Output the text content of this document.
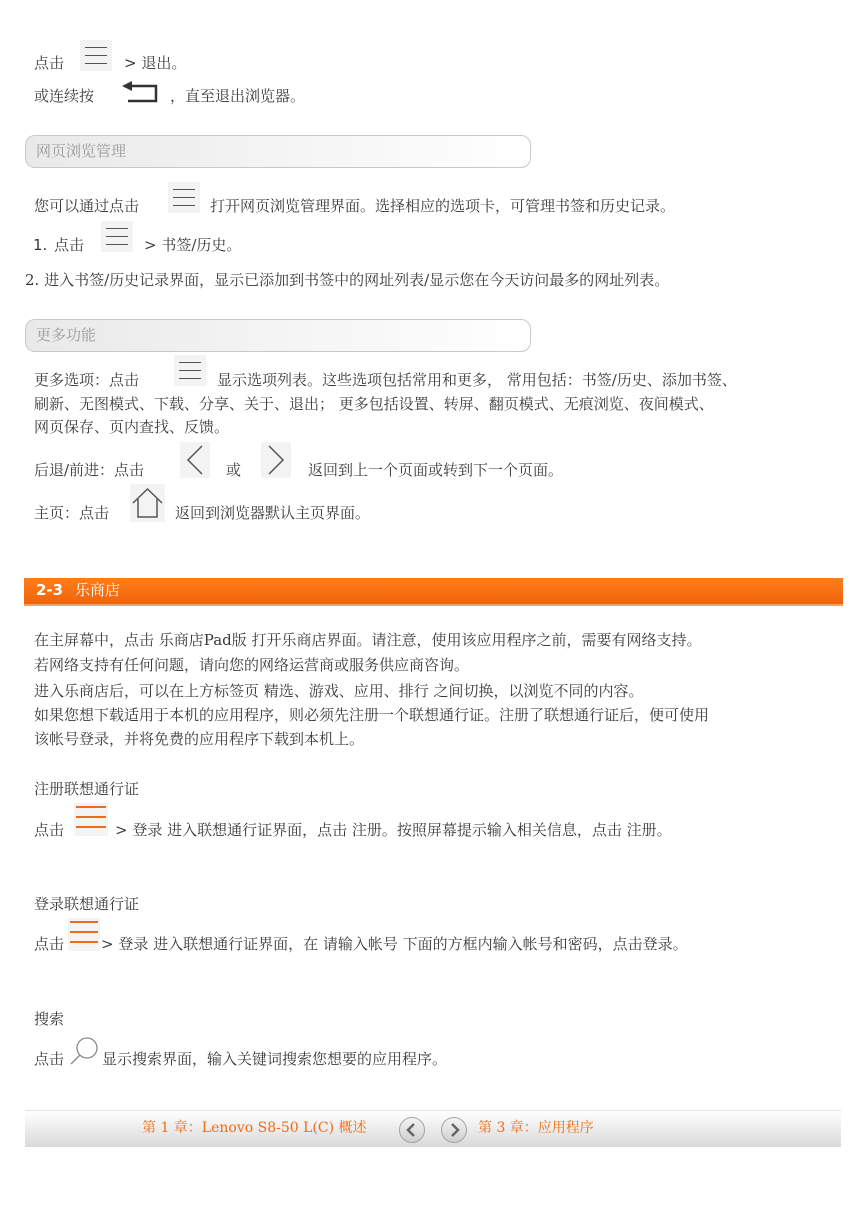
点击	> 退出。
或连续按	，直至退出浏览器。
网页浏览管理
您可以通过点击	打开网页浏览管理界面。选择相应的选项卡，可管理书签和历史记录。
1. 点击	> 书签/历史。
2. 进入书签/历史记录界面，显示已添加到书签中的网址列表/显示您在今天访问最多的网址列表。
更多功能
更多选项：点击	显示选项列表。这些选项包括常用和更多， 常用包括：书签/历史、添加书签、
刷新、无图模式、下载、分享、关于、退出； 更多包括设置、转屏、翻页模式、无痕浏览、夜间模式、
网页保存、页内查找、反馈。
后退/前进：点击	或	返回到上一个页面或转到下一个页面。
主页：点击	返回到浏览器默认主页界面。
2-3 乐商店
在主屏幕中，点击 乐商店Pad版 打开乐商店界面。请注意，使用该应用程序之前，需要有网络支持。
若网络支持有任何问题，请向您的网络运营商或服务供应商咨询。
进入乐商店后，可以在上方标签页 精选、游戏、应用、排行 之间切换，以浏览不同的内容。
如果您想下载适用于本机的应用程序，则必须先注册一个联想通行证。注册了联想通行证后，便可使用
该帐号登录，并将免费的应用程序下载到本机上。
注册联想通行证
点击	> 登录 进入联想通行证界面，点击 注册。按照屏幕提示输入相关信息，点击 注册。
登录联想通行证
点击 > 登录 进入联想通行证界面，在 请输入帐号 下面的方框内输入帐号和密码，点击登录。
搜索
点击	显示搜索界面，输入关键词搜索您想要的应用程序。
第 1 章：Lenovo S8-50 L(C) 概述	第 3 章：应用程序
